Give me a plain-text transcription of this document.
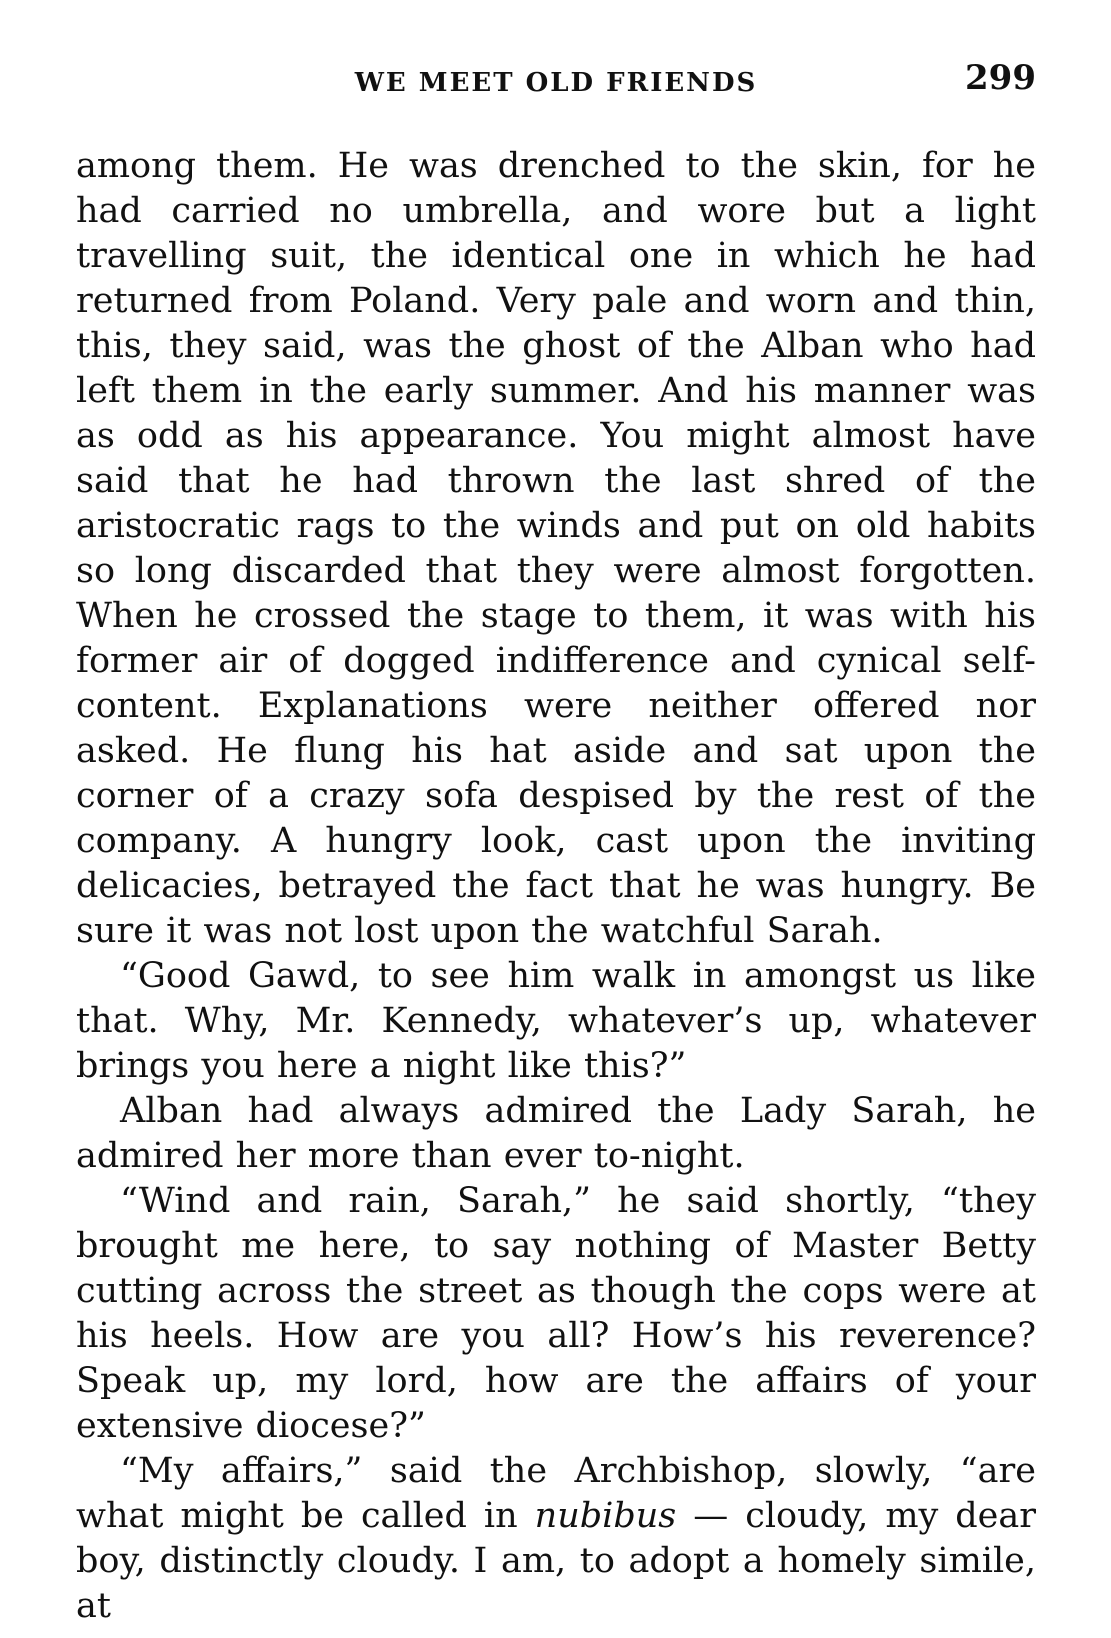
WE MEET OLD FRIENDS	299

among them. He was drenched to the skin, for he had carried no umbrella, and wore but a light travelling suit, the identical one in which he had returned from Poland. Very pale and worn and thin, this, they said, was the ghost of the Alban who had left them in the early summer. And his manner was as odd as his appearance. You might almost have said that he had thrown the last shred of the aristocratic rags to the winds and put on old habits so long discarded that they were almost forgotten. When he crossed the stage to them, it was with his former air of dogged indifference and cynical self-content. Explanations were neither offered nor asked. He flung his hat aside and sat upon the corner of a crazy sofa despised by the rest of the company. A hungry look, cast upon the inviting delicacies, betrayed the fact that he was hungry. Be sure it was not lost upon the watchful Sarah.

“Good Gawd, to see him walk in amongst us like that. Why, Mr. Kennedy, whatever’s up, whatever brings you here a night like this?”

Alban had always admired the Lady Sarah, he admired her more than ever to-night.

“Wind and rain, Sarah,” he said shortly, “they brought me here, to say nothing of Master Betty cutting across the street as though the cops were at his heels. How are you all? How’s his reverence? Speak up, my lord, how are the affairs of your extensive diocese?”

“My affairs,” said the Archbishop, slowly, “are what might be called in nubibus — cloudy, my dear boy, distinctly cloudy. I am, to adopt a homely simile, at
